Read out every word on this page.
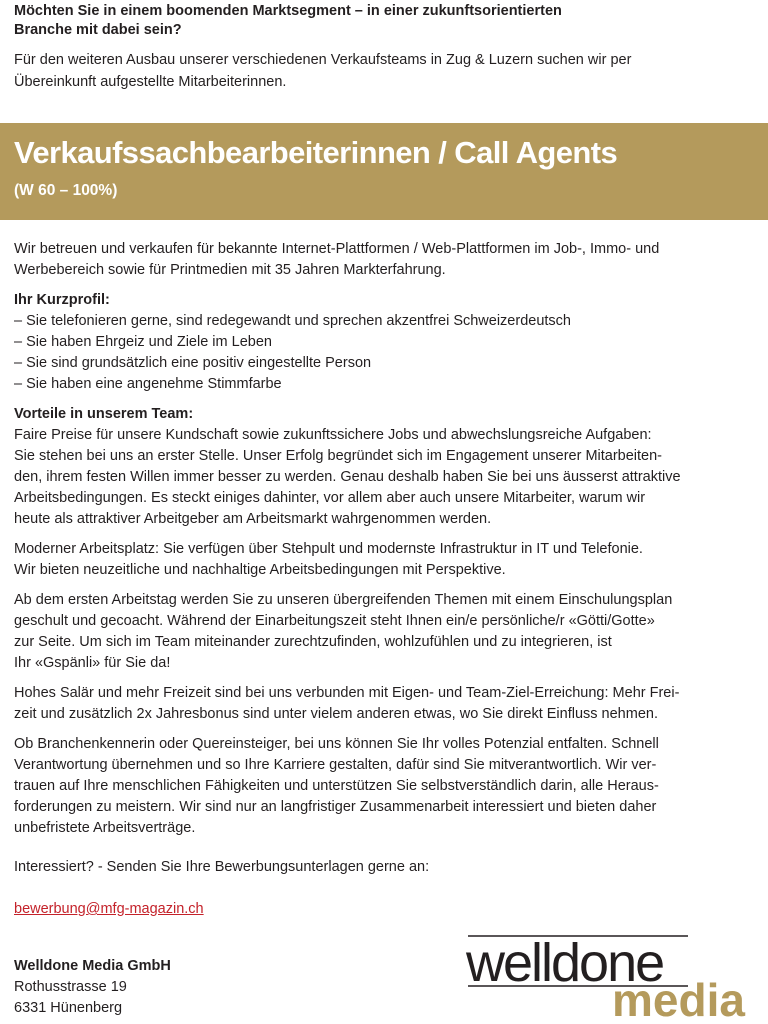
Möchten Sie in einem boomenden Marktsegment – in einer zukunftsorientierten
Branche mit dabei sein?

Für den weiteren Ausbau unserer verschiedenen Verkaufsteams in Zug & Luzern suchen wir per
Übereinkunft aufgestellte Mitarbeiterinnen.

Verkaufssachbearbeiterinnen / Call Agents

(W 60 – 100%)

Wir betreuen und verkaufen für bekannte Internet-Plattformen / Web-Plattformen im Job-, Immo- und
Werbebereich sowie für Printmedien mit 35 Jahren Markterfahrung.

Ihr Kurzprofil:
– Sie telefonieren gerne, sind redegewandt und sprechen akzentfrei Schweizerdeutsch
– Sie haben Ehrgeiz und Ziele im Leben
– Sie sind grundsätzlich eine positiv eingestellte Person
– Sie haben eine angenehme Stimmfarbe

Vorteile in unserem Team:
Faire Preise für unsere Kundschaft sowie zukunftssichere Jobs und abwechslungsreiche Aufgaben:
Sie stehen bei uns an erster Stelle. Unser Erfolg begründet sich im Engagement unserer Mitarbeiten-
den, ihrem festen Willen immer besser zu werden. Genau deshalb haben Sie bei uns äusserst attraktive
Arbeitsbedingungen. Es steckt einiges dahinter, vor allem aber auch unsere Mitarbeiter, warum wir
heute als attraktiver Arbeitgeber am Arbeitsmarkt wahrgenommen werden.

Moderner Arbeitsplatz: Sie verfügen über Stehpult und modernste Infrastruktur in IT und Telefonie.
Wir bieten neuzeitliche und nachhaltige Arbeitsbedingungen mit Perspektive.

Ab dem ersten Arbeitstag werden Sie zu unseren übergreifenden Themen mit einem Einschulungsplan
geschult und gecoacht. Während der Einarbeitungszeit steht Ihnen ein/e persönliche/r «Götti/Gotte»
zur Seite. Um sich im Team miteinander zurechtzufinden, wohlzufühlen und zu integrieren, ist
Ihr «Gspänli» für Sie da!

Hohes Salär und mehr Freizeit sind bei uns verbunden mit Eigen- und Team-Ziel-Erreichung: Mehr Frei-
zeit und zusätzlich 2x Jahresbonus sind unter vielem anderen etwas, wo Sie direkt Einfluss nehmen.

Ob Branchenkennerin oder Quereinsteiger, bei uns können Sie Ihr volles Potenzial entfalten. Schnell
Verantwortung übernehmen und so Ihre Karriere gestalten, dafür sind Sie mitverantwortlich. Wir ver-
trauen auf Ihre menschlichen Fähigkeiten und unterstützen Sie selbstverständlich darin, alle Heraus-
forderungen zu meistern. Wir sind nur an langfristiger Zusammenarbeit interessiert und bieten daher
unbefristete Arbeitsverträge.

Interessiert? - Senden Sie Ihre Bewerbungsunterlagen gerne an:

bewerbung@mfg-magazin.ch

Welldone Media GmbH
Rothusstrasse 19
6331 Hünenberg
welldone
media
